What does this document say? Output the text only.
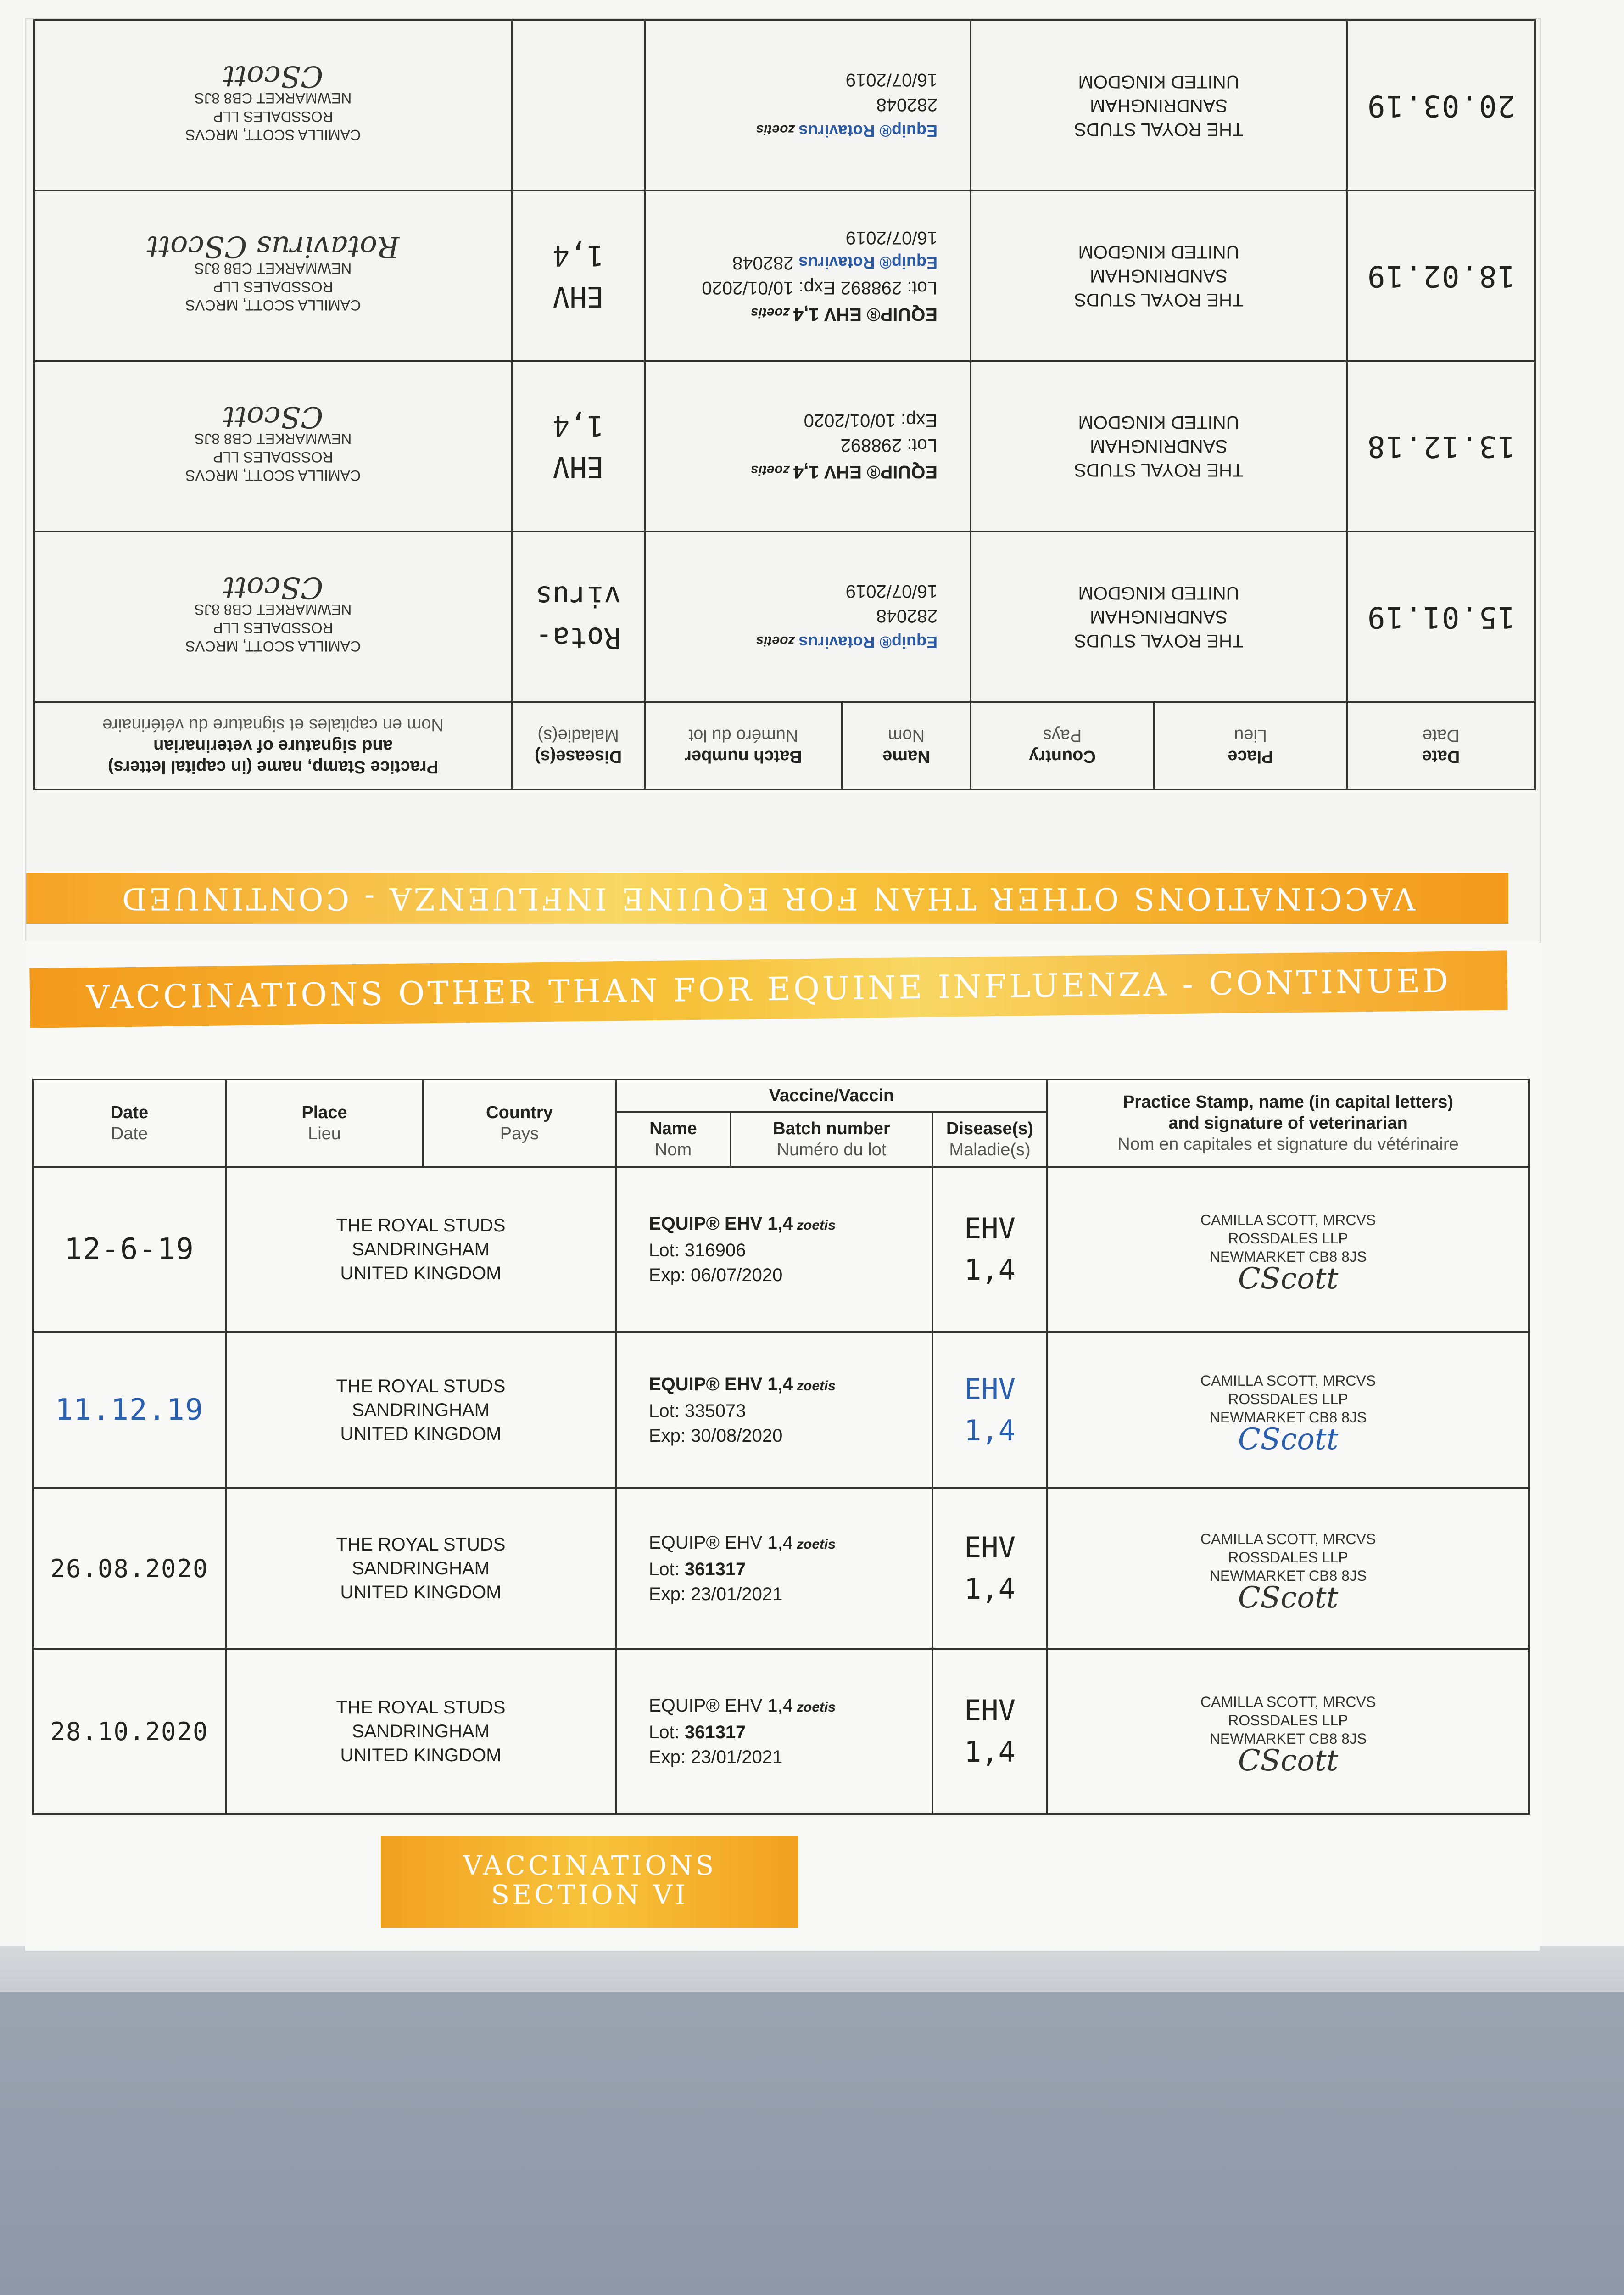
Date
Date	Place
Lieu	Country
Pays	Name
Nom	Batch number
Numéro du lot	Disease(s)
Maladie(s)	Practice Stamp, name (in capital letters)
and signature of veterinarian
Nom en capitales et signature du vétérinaire

15.01.19	THE ROYAL STUDS
SANDRINGHAM
UNITED KINGDOM		Equip® Rotaviruszoetis
282048
16/07/2019		Rota-
virus	CAMILLA SCOTT, MRCVS
ROSSDALES LLP
NEWMARKET CB8 8JS
CScott

13.12.18	THE ROYAL STUDS
SANDRINGHAM
UNITED KINGDOM		EQUIP® EHV 1,4zoetis
Lot: 298892
Exp: 10/01/2020		EHV
1,4	CAMILLA SCOTT, MRCVS
ROSSDALES LLP
NEWMARKET CB8 8JS
CScott

18.02.19	THE ROYAL STUDS
SANDRINGHAM
UNITED KINGDOM		EQUIP® EHV 1,4zoetis
Lot: 298892 Exp: 10/01/2020
Equip® Rotavirus 282048 16/07/2019		EHV
1,4	CAMILLA SCOTT, MRCVS
ROSSDALES LLP
NEWMARKET CB8 8JS
Rotavirus CScott

20.03.19	THE ROYAL STUDS
SANDRINGHAM
UNITED KINGDOM		Equip® Rotaviruszoetis
282048
16/07/2019			CAMILLA SCOTT, MRCVS
ROSSDALES LLP
NEWMARKET CB8 8JS
CScott
VACCINATIONS OTHER THAN FOR EQUINE INFLUENZA - CONTINUED
VACCINATIONS OTHER THAN FOR EQUINE INFLUENZA - CONTINUED
Date
Date	Place
Lieu	Country
Pays	Vaccine/Vaccin			Practice Stamp, name (in capital letters)
and signature of veterinarian
Nom en capitales et signature du vétérinaire

			Name
Nom	Batch number
Numéro du lot	Disease(s)
Maladie(s)	

12-6-19	THE ROYAL STUDS
SANDRINGHAM
UNITED KINGDOM		EQUIP® EHV 1,4 zoetis
Lot: 316906
Exp: 06/07/2020		EHV
1,4	CAMILLA SCOTT, MRCVS
ROSSDALES LLP
NEWMARKET CB8 8JS
CScott

11.12.19	THE ROYAL STUDS
SANDRINGHAM
UNITED KINGDOM		EQUIP® EHV 1,4 zoetis
Lot: 335073
Exp: 30/08/2020		EHV
1,4	CAMILLA SCOTT, MRCVS
ROSSDALES LLP
NEWMARKET CB8 8JS
CScott

26.08.2020	THE ROYAL STUDS
SANDRINGHAM
UNITED KINGDOM		EQUIP® EHV 1,4 zoetis
Lot: 361317
Exp: 23/01/2021		EHV
1,4	CAMILLA SCOTT, MRCVS
ROSSDALES LLP
NEWMARKET CB8 8JS
CScott

28.10.2020	THE ROYAL STUDS
SANDRINGHAM
UNITED KINGDOM		EQUIP® EHV 1,4 zoetis
Lot: 361317
Exp: 23/01/2021		EHV
1,4	CAMILLA SCOTT, MRCVS
ROSSDALES LLP
NEWMARKET CB8 8JS
CScott
VACCINATIONS
SECTION VI
